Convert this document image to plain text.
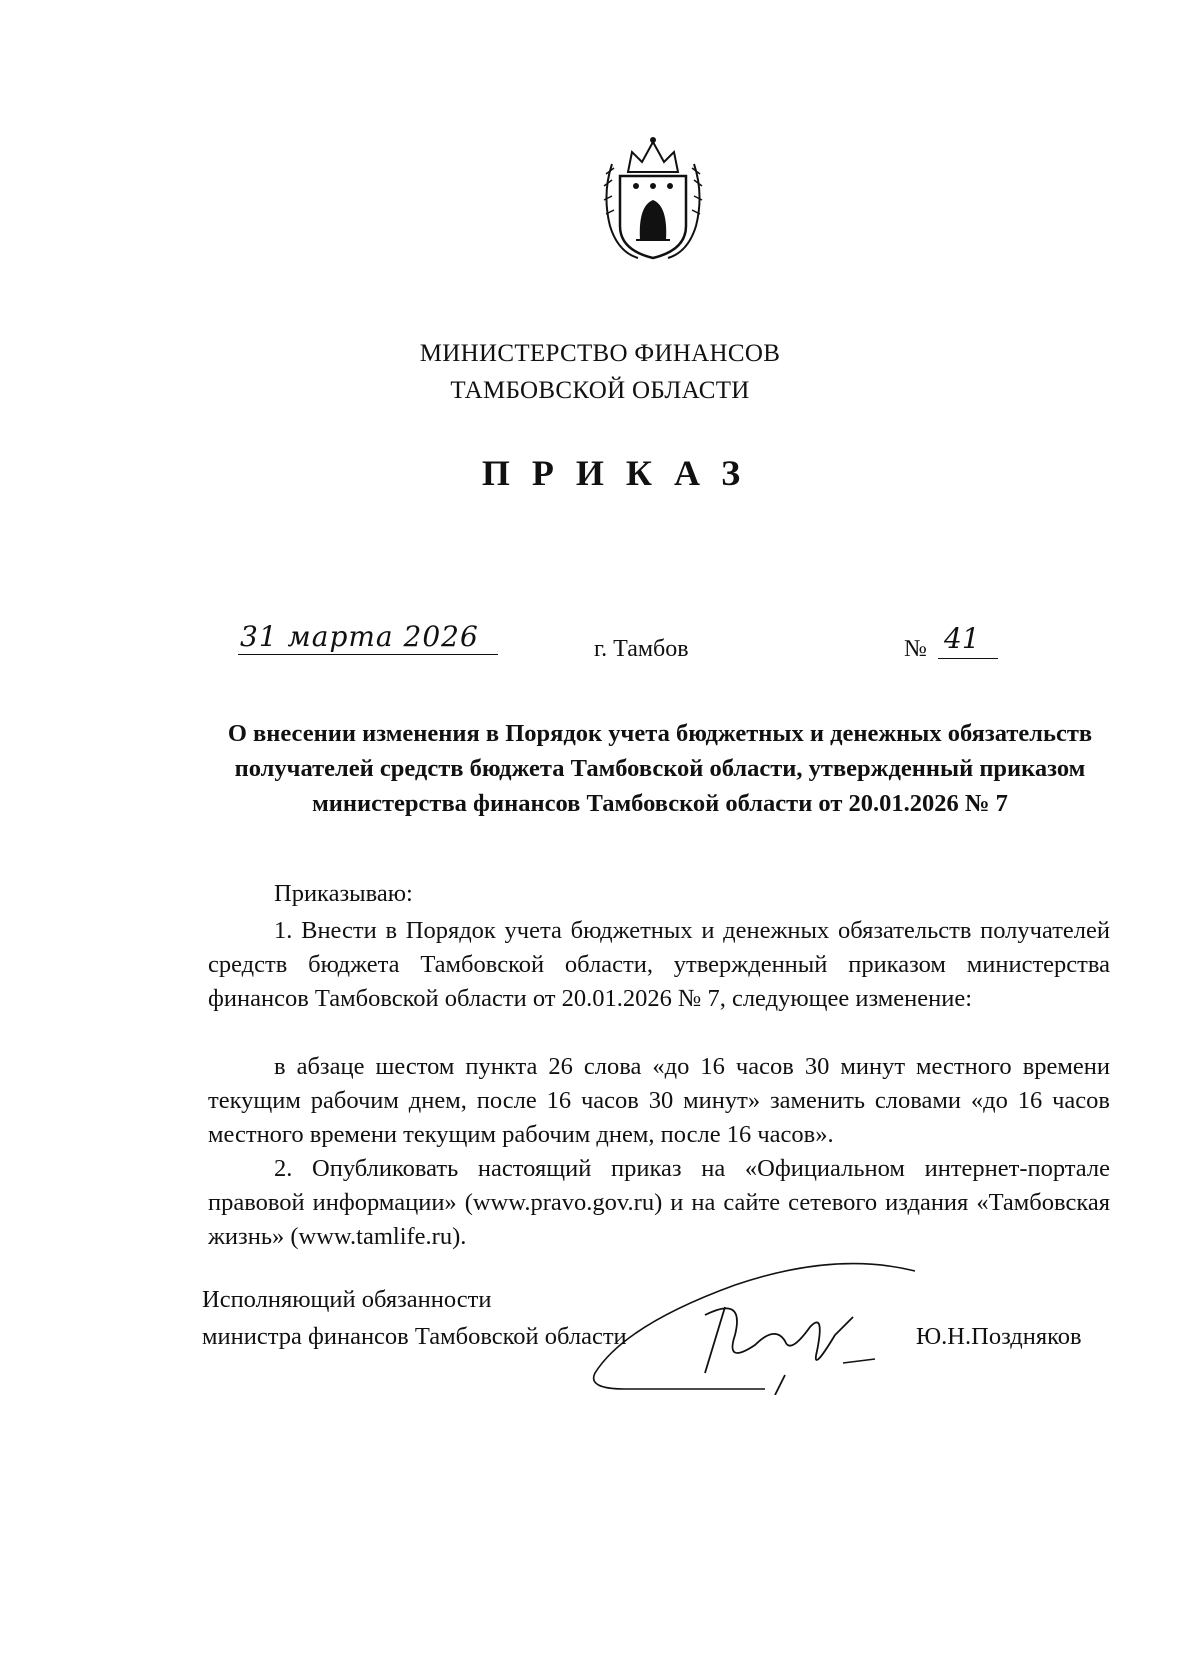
МИНИСТЕРСТВО ФИНАНСОВ
ТАМБОВСКОЙ ОБЛАСТИ
ПРИКАЗ
31 марта 2026	г. Тамбов	№ 41
О внесении изменения в Порядок учета бюджетных и денежных обязательств получателей средств бюджета Тамбовской области, утвержденный приказом министерства финансов Тамбовской области от 20.01.2026 № 7
Приказываю:

1. Внести в Порядок учета бюджетных и денежных обязательств получателей средств бюджета Тамбовской области, утвержденный приказом министерства финансов Тамбовской области от 20.01.2026 № 7, следующее изменение:

в абзаце шестом пункта 26 слова «до 16 часов 30 минут местного времени текущим рабочим днем, после 16 часов 30 минут» заменить словами «до 16 часов местного времени текущим рабочим днем, после 16 часов».

2. Опубликовать настоящий приказ на «Официальном интернет-портале правовой информации» (www.pravo.gov.ru) и на сайте сетевого издания «Тамбовская жизнь» (www.tamlife.ru).

Исполняющий обязанности
министра финансов Тамбовской области	Ю.Н.Поздняков
